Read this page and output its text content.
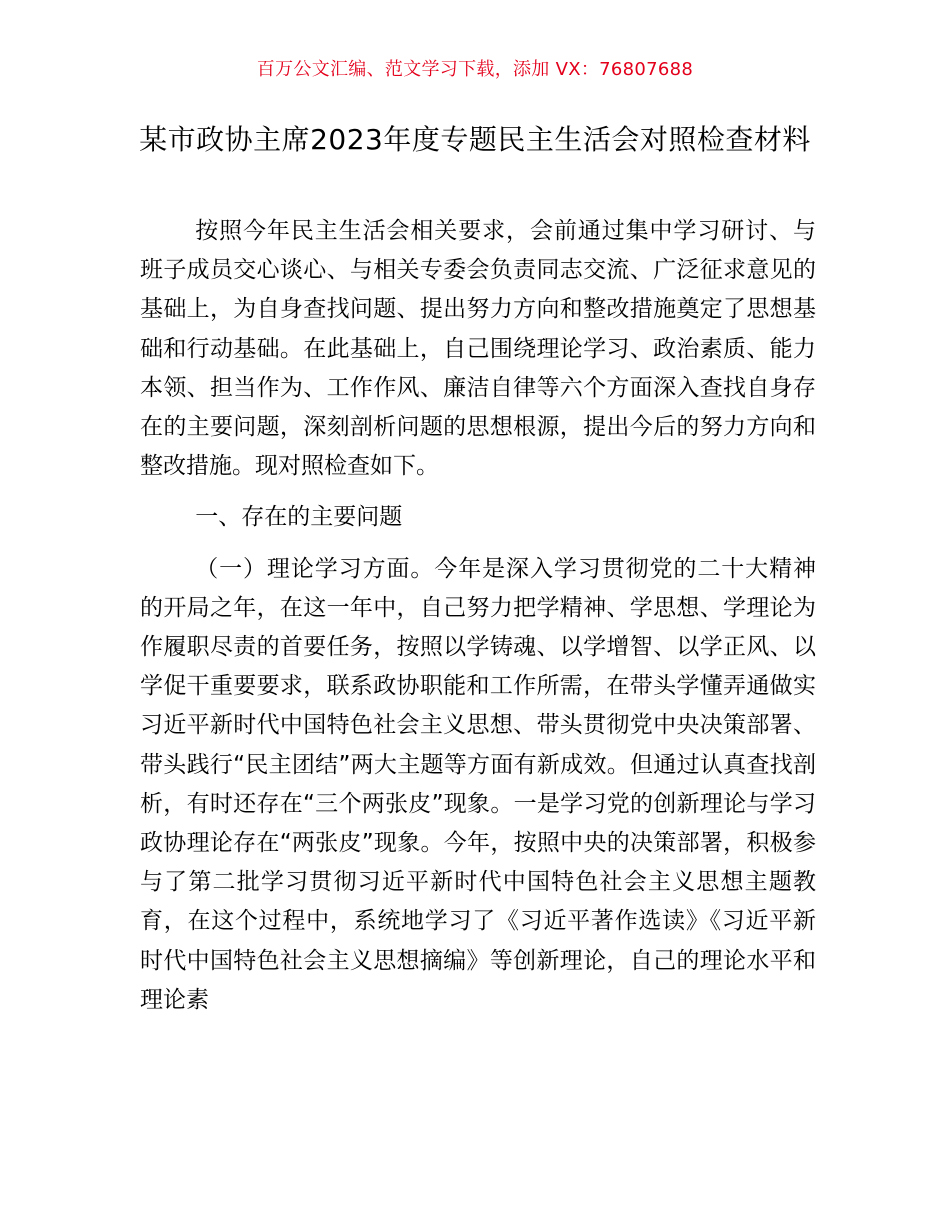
百万公文汇编、范文学习下载，添加 VX：76807688
某市政协主席2023年度专题民主生活会对照检查材料

按照今年民主生活会相关要求，会前通过集中学习研讨、与班子成员交心谈心、与相关专委会负责同志交流、广泛征求意见的基础上，为自身查找问题、提出努力方向和整改措施奠定了思想基础和行动基础。在此基础上，自己围绕理论学习、政治素质、能力本领、担当作为、工作作风、廉洁自律等六个方面深入查找自身存在的主要问题，深刻剖析问题的思想根源，提出今后的努力方向和整改措施。现对照检查如下。

一、存在的主要问题

（一）理论学习方面。今年是深入学习贯彻党的二十大精神的开局之年，在这一年中，自己努力把学精神、学思想、学理论为作履职尽责的首要任务，按照以学铸魂、以学增智、以学正风、以学促干重要要求，联系政协职能和工作所需，在带头学懂弄通做实习近平新时代中国特色社会主义思想、带头贯彻党中央决策部署、带头践行“民主团结”两大主题等方面有新成效。但通过认真查找剖析，有时还存在“三个两张皮”现象。一是学习党的创新理论与学习政协理论存在“两张皮”现象。今年，按照中央的决策部署，积极参与了第二批学习贯彻习近平新时代中国特色社会主义思想主题教育，在这个过程中，系统地学习了《习近平著作选读》《习近平新时代中国特色社会主义思想摘编》等创新理论，自己的理论水平和理论素
